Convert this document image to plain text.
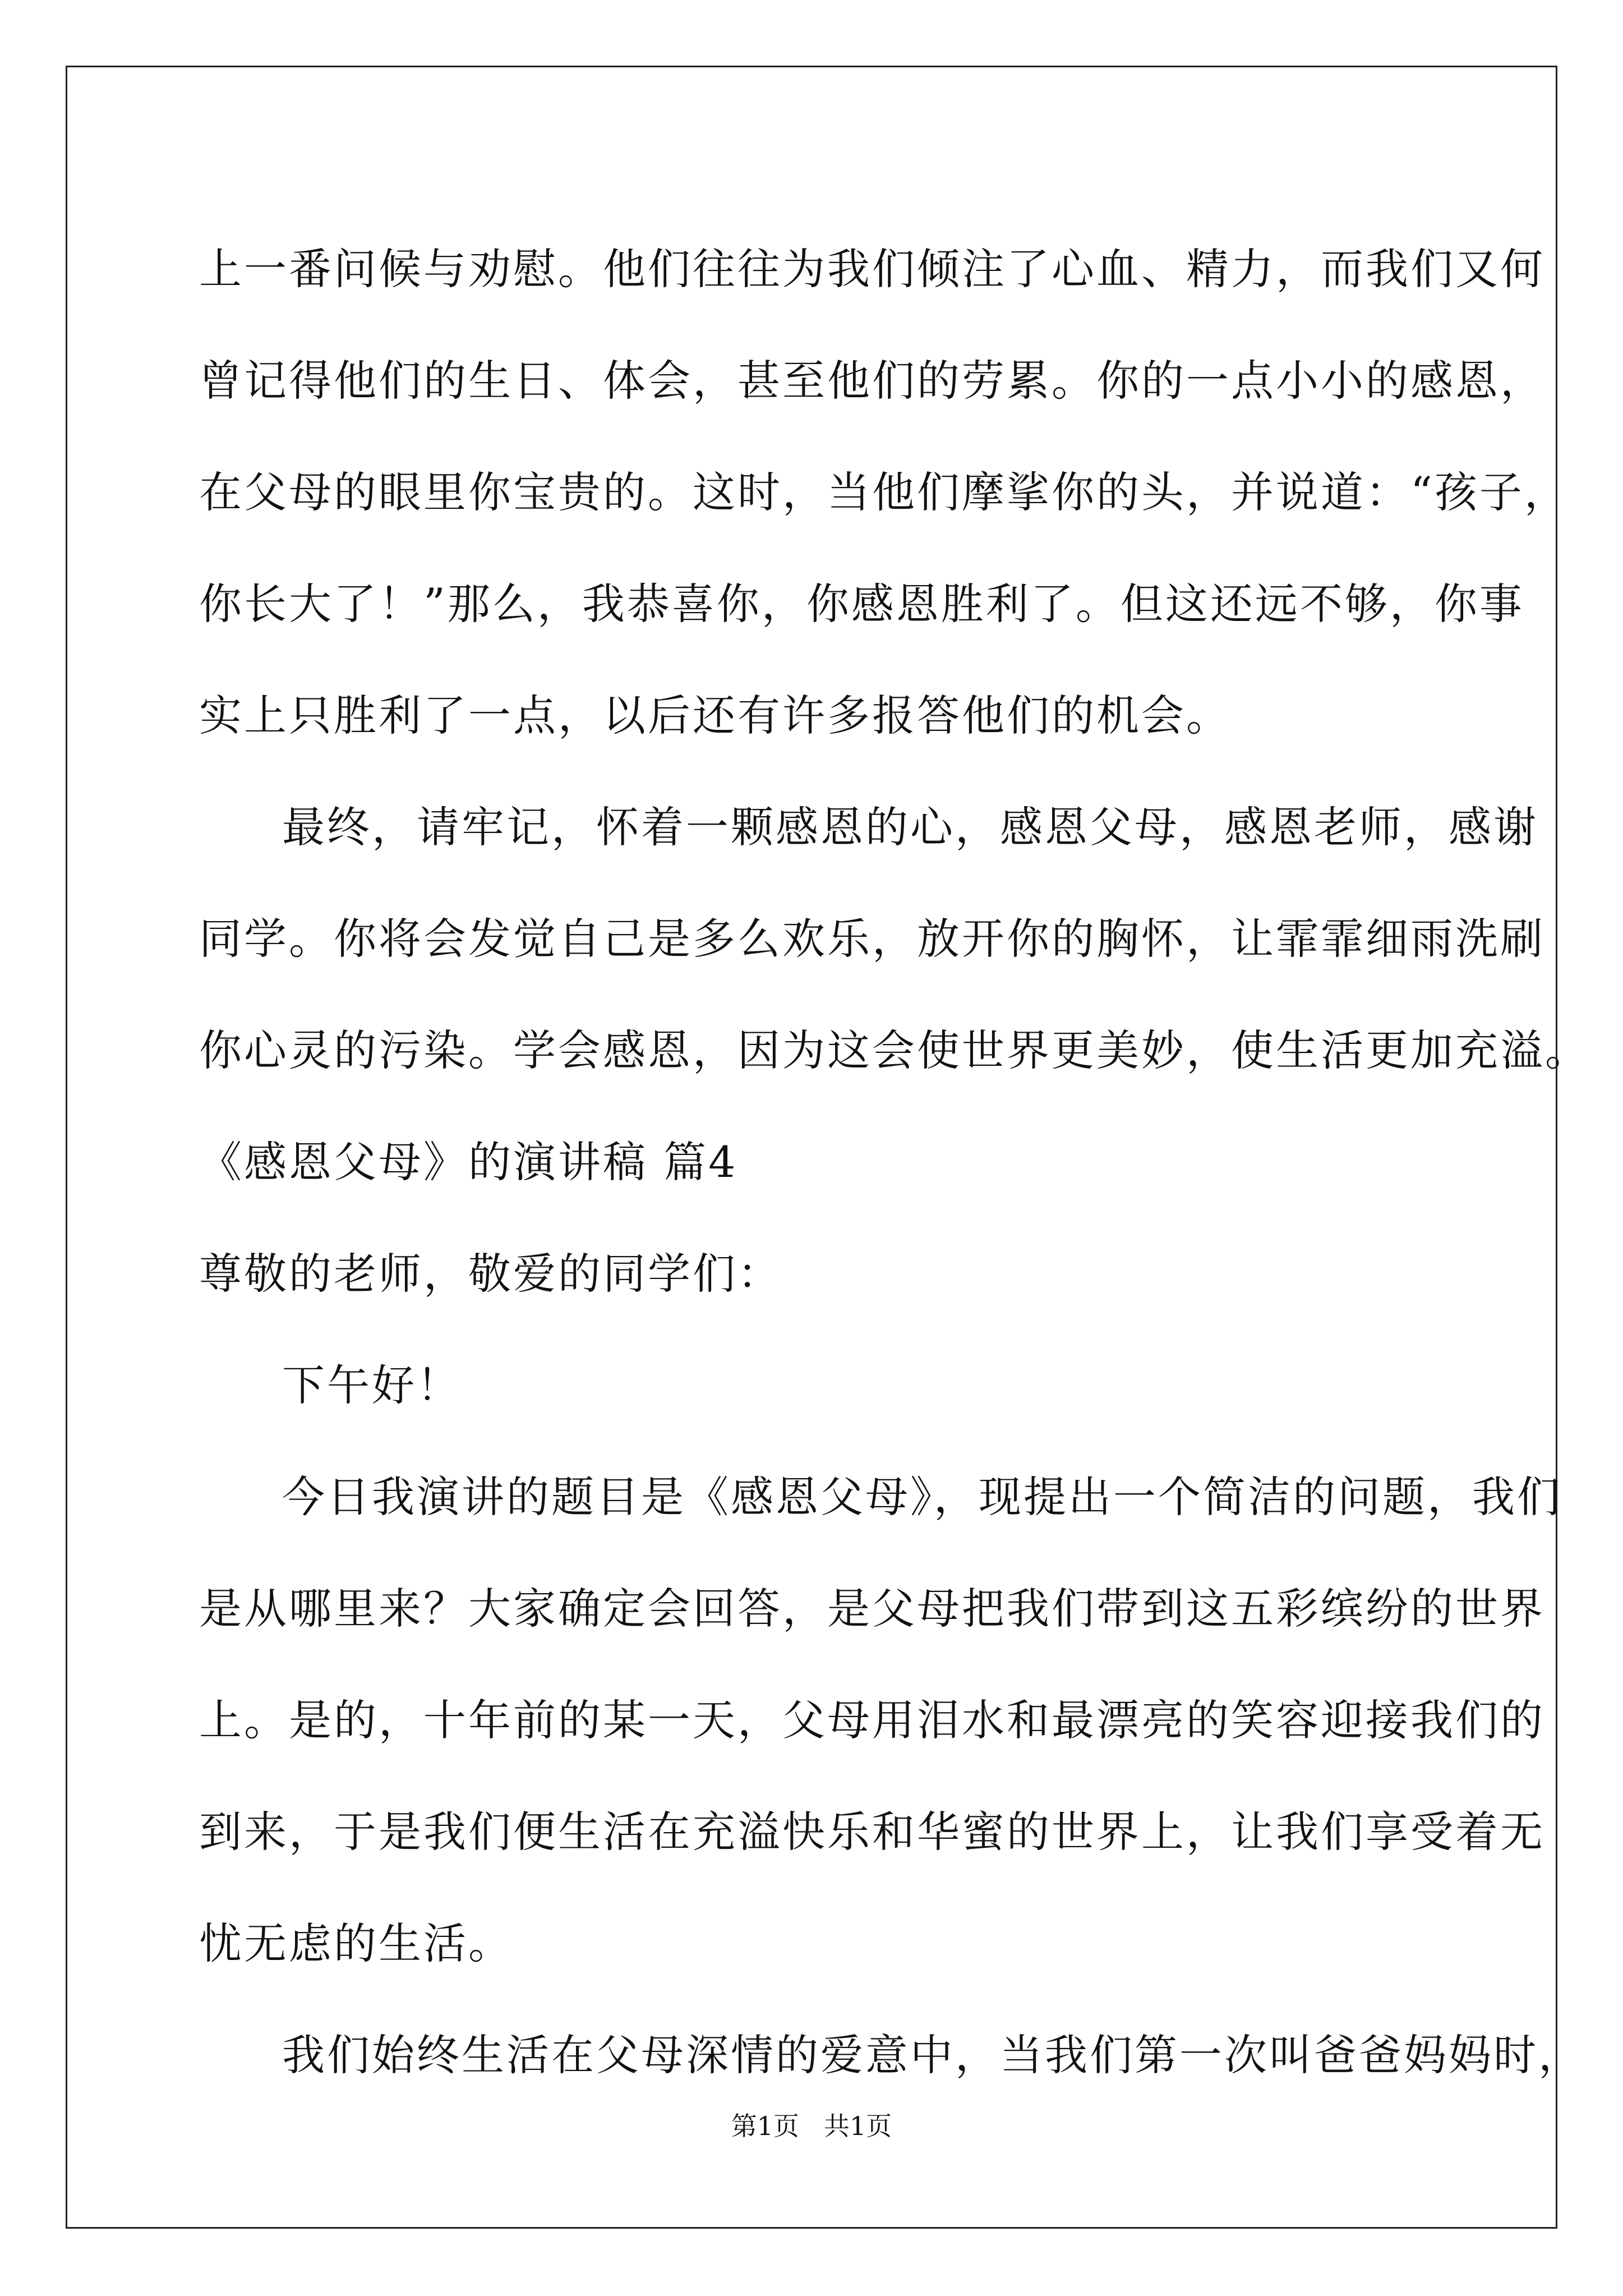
上一番问候与劝慰。他们往往为我们倾注了心血、精力，而我们又何
曾记得他们的生日、体会，甚至他们的劳累。你的一点小小的感恩，
在父母的眼里你宝贵的。这时，当他们摩挲你的头，并说道：“孩子，
你长大了！”那么，我恭喜你，你感恩胜利了。但这还远不够，你事
实上只胜利了一点，以后还有许多报答他们的机会。
最终，请牢记，怀着一颗感恩的心，感恩父母，感恩老师，感谢
同学。你将会发觉自己是多么欢乐，放开你的胸怀，让霏霏细雨洗刷
你心灵的污染。学会感恩，因为这会使世界更美妙，使生活更加充溢。
《感恩父母》的演讲稿 篇4
尊敬的老师，敬爱的同学们：
下午好！
今日我演讲的题目是《感恩父母》，现提出一个简洁的问题，我们
是从哪里来？大家确定会回答，是父母把我们带到这五彩缤纷的世界
上。是的，十年前的某一天，父母用泪水和最漂亮的笑容迎接我们的
到来，于是我们便生活在充溢快乐和华蜜的世界上，让我们享受着无
忧无虑的生活。
我们始终生活在父母深情的爱意中，当我们第一次叫爸爸妈妈时，
第1页 共1页
